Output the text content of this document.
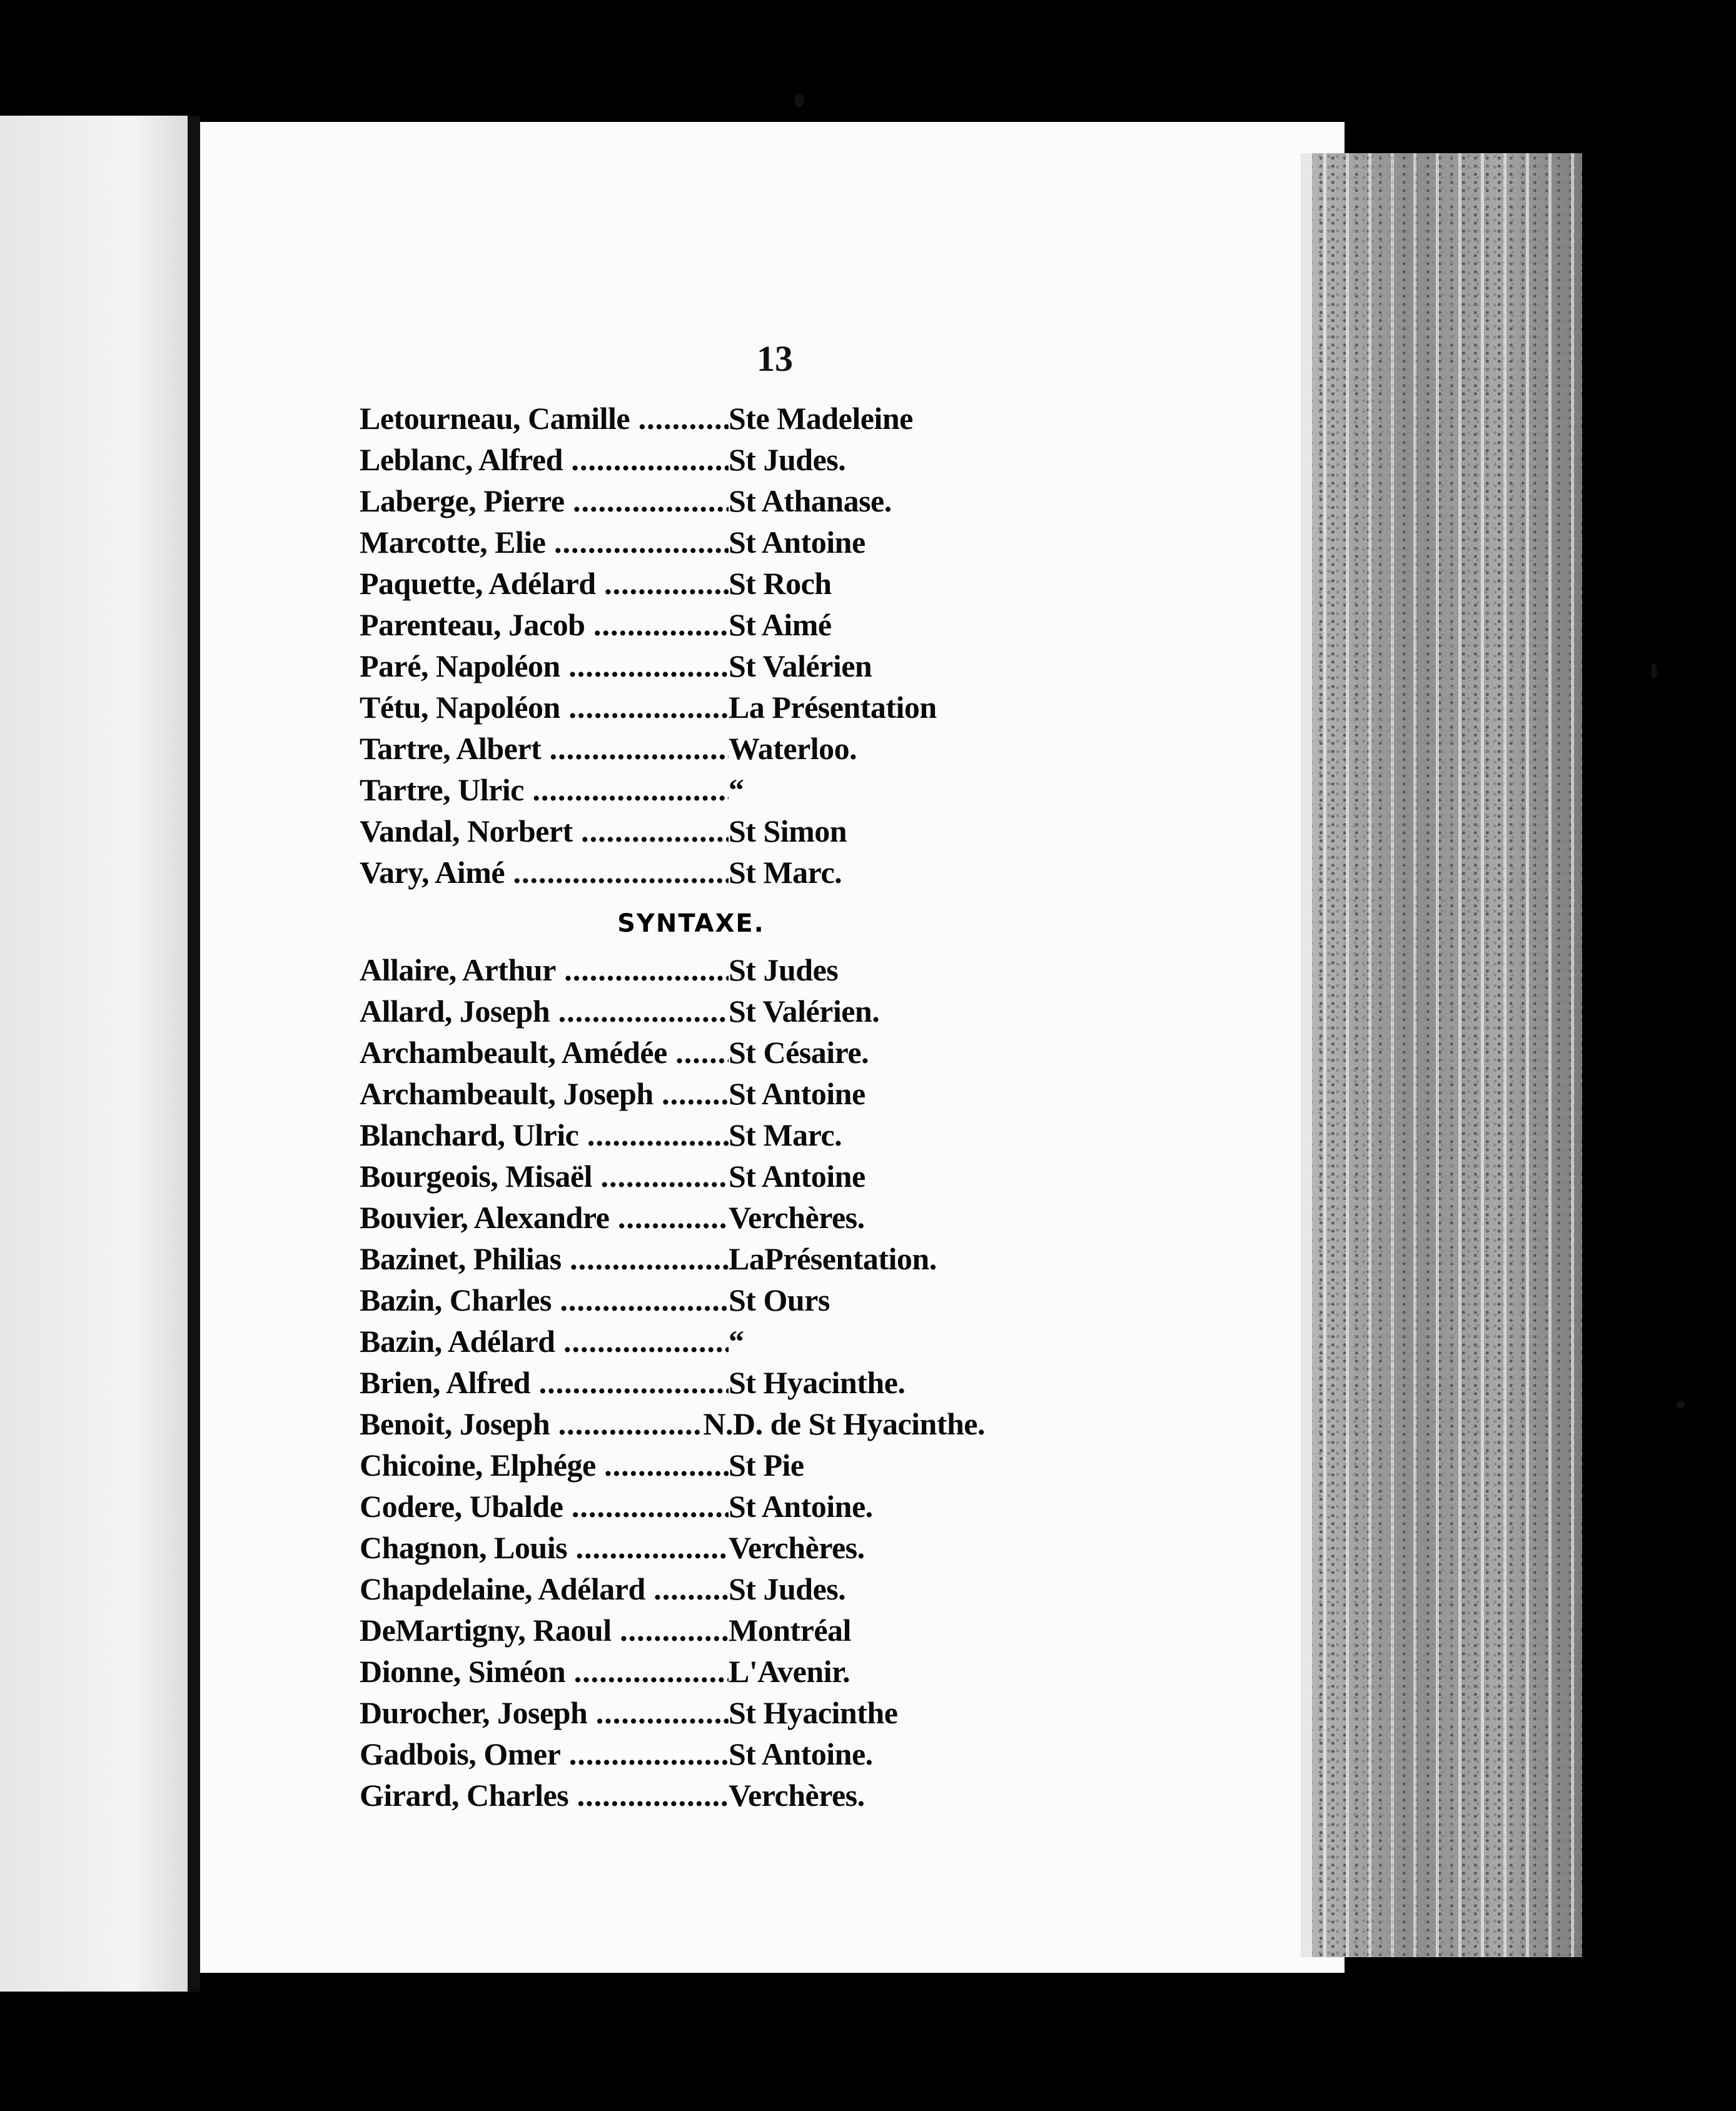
13
Letourneau, Camille .....	Ste Madeleine
Leblanc, Alfred .....	St Judes.
Laberge, Pierre .....	St Athanase.
Marcotte, Elie .....	St Antoine
Paquette, Adélard .....	St Roch
Parenteau, Jacob .....	St Aimé
Paré, Napoléon .....	St Valérien
Tétu, Napoléon .....	La Présentation
Tartre, Albert .....	Waterloo.
Tartre, Ulric .....	“
Vandal, Norbert .....	St Simon
Vary, Aimé .....	St Marc.
SYNTAXE.
Allaire, Arthur .....	St Judes
Allard, Joseph .....	St Valérien.
Archambeault, Amédée .....	St Césaire.
Archambeault, Joseph .....	St Antoine
Blanchard, Ulric .....	St Marc.
Bourgeois, Misaël .....	St Antoine
Bouvier, Alexandre .....	Verchères.
Bazinet, Philias .....	LaPrésentation.
Bazin, Charles .....	St Ours
Bazin, Adélard .....	“
Brien, Alfred .....	St Hyacinthe.
Benoit, Joseph .....	N.D. de St Hyacinthe.
Chicoine, Elphége .....	St Pie
Codere, Ubalde .....	St Antoine.
Chagnon, Louis .....	Verchères.
Chapdelaine, Adélard .....	St Judes.
DeMartigny, Raoul .....	Montréal
Dionne, Siméon .....	L'Avenir.
Durocher, Joseph .....	St Hyacinthe
Gadbois, Omer .....	St Antoine.
Girard, Charles .....	Verchères.
